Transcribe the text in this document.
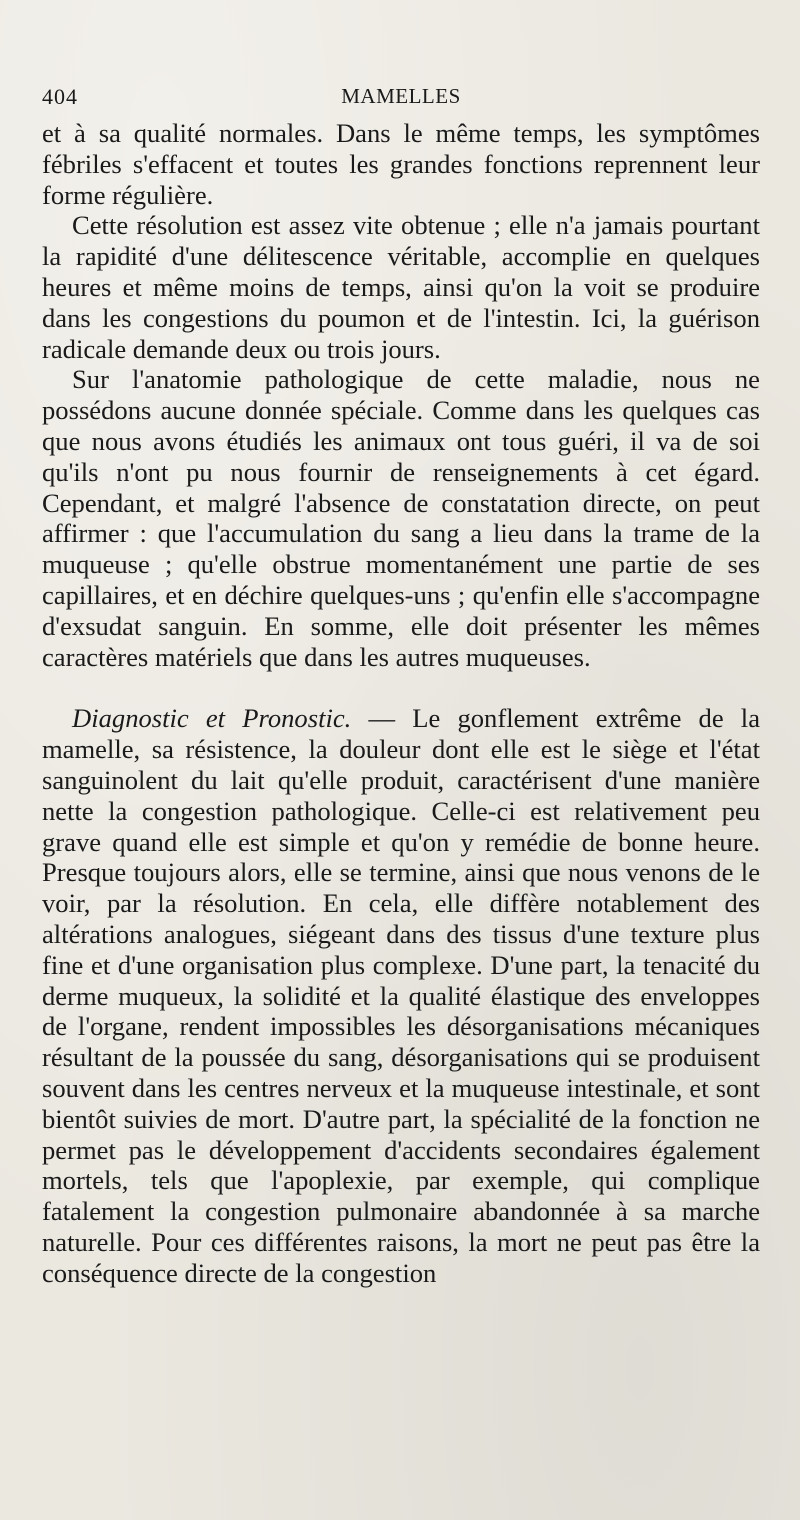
404	MAMELLES

et à sa qualité normales. Dans le même temps, les symptômes fébriles s'effacent et toutes les grandes fonctions reprennent leur forme régulière.

Cette résolution est assez vite obtenue ; elle n'a jamais pourtant la rapidité d'une délitescence véritable, accomplie en quelques heures et même moins de temps, ainsi qu'on la voit se produire dans les congestions du poumon et de l'intestin. Ici, la guérison radicale demande deux ou trois jours.

Sur l'anatomie pathologique de cette maladie, nous ne possédons aucune donnée spéciale. Comme dans les quelques cas que nous avons étudiés les animaux ont tous guéri, il va de soi qu'ils n'ont pu nous fournir de renseignements à cet égard. Cependant, et malgré l'absence de constatation directe, on peut affirmer : que l'accumulation du sang a lieu dans la trame de la muqueuse ; qu'elle obstrue momentanément une partie de ses capillaires, et en déchire quelques-uns ; qu'enfin elle s'accompagne d'exsudat sanguin. En somme, elle doit présenter les mêmes caractères matériels que dans les autres muqueuses.

Diagnostic et Pronostic. — Le gonflement extrême de la mamelle, sa résistence, la douleur dont elle est le siège et l'état sanguinolent du lait qu'elle produit, caractérisent d'une manière nette la congestion pathologique. Celle-ci est relativement peu grave quand elle est simple et qu'on y remédie de bonne heure. Presque toujours alors, elle se termine, ainsi que nous venons de le voir, par la résolution. En cela, elle diffère notablement des altérations analogues, siégeant dans des tissus d'une texture plus fine et d'une organisation plus complexe. D'une part, la tenacité du derme muqueux, la solidité et la qualité élastique des enveloppes de l'organe, rendent impossibles les désorganisations mécaniques résultant de la poussée du sang, désorganisations qui se produisent souvent dans les centres nerveux et la muqueuse intestinale, et sont bientôt suivies de mort. D'autre part, la spécialité de la fonction ne permet pas le développement d'accidents secondaires également mortels, tels que l'apoplexie, par exemple, qui complique fatalement la congestion pulmonaire abandonnée à sa marche naturelle. Pour ces différentes raisons, la mort ne peut pas être la conséquence directe de la congestion
